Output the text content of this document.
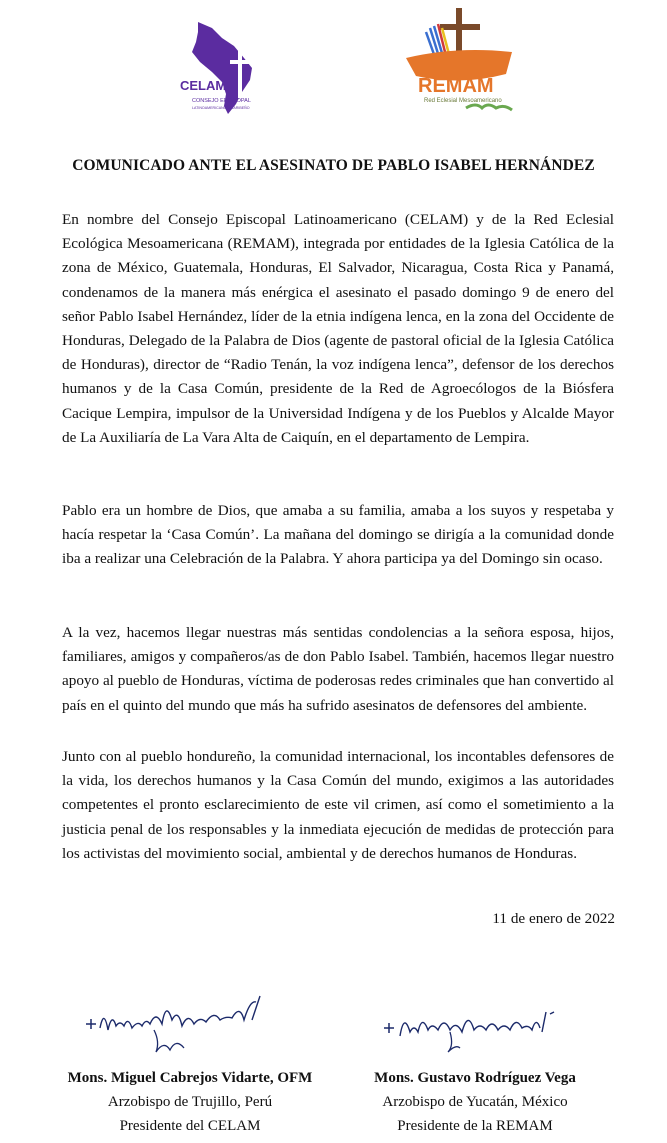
CELAM
CONSEJO EPISCOPAL
LATINOAMERICANO Y CARIBEÑO
REMAM
Red Eclesial Mesoamericano
COMUNICADO ANTE EL ASESINATO DE PABLO ISABEL HERNÁNDEZ

En nombre del Consejo Episcopal Latinoamericano (CELAM) y de la Red Eclesial Ecológica Mesoamericana (REMAM), integrada por entidades de la Iglesia Católica de la zona de México, Guatemala, Honduras, El Salvador, Nicaragua, Costa Rica y Panamá, condenamos de la manera más enérgica el asesinato el pasado domingo 9 de enero del señor Pablo Isabel Hernández, líder de la etnia indígena lenca, en la zona del Occidente de Honduras, Delegado de la Palabra de Dios (agente de pastoral oficial de la Iglesia Católica de Honduras), director de “Radio Tenán, la voz indígena lenca”, defensor de los derechos humanos y de la Casa Común, presidente de la Red de Agroecólogos de la Biósfera Cacique Lempira, impulsor de la Universidad Indígena y de los Pueblos y Alcalde Mayor de La Auxiliaría de La Vara Alta de Caiquín, en el departamento de Lempira.

Pablo era un hombre de Dios, que amaba a su familia, amaba a los suyos y respetaba y hacía respetar la ‘Casa Común’. La mañana del domingo se dirigía a la comunidad donde iba a realizar una Celebración de la Palabra. Y ahora participa ya del Domingo sin ocaso.

A la vez, hacemos llegar nuestras más sentidas condolencias a la señora esposa, hijos, familiares, amigos y compañeros/as de don Pablo Isabel. También, hacemos llegar nuestro apoyo al pueblo de Honduras, víctima de poderosas redes criminales que han convertido al país en el quinto del mundo que más ha sufrido asesinatos de defensores del ambiente.

Junto con al pueblo hondureño, la comunidad internacional, los incontables defensores de la vida, los derechos humanos y la Casa Común del mundo, exigimos a las autoridades competentes el pronto esclarecimiento de este vil crimen, así como el sometimiento a la justicia penal de los responsables y la inmediata ejecución de medidas de protección para los activistas del movimiento social, ambiental y de derechos humanos de Honduras.

11 de enero de 2022
Mons. Miguel Cabrejos Vidarte, OFM
Arzobispo de Trujillo, Perú
Presidente del CELAM
Mons. Gustavo Rodríguez Vega
Arzobispo de Yucatán, México
Presidente de la REMAM
